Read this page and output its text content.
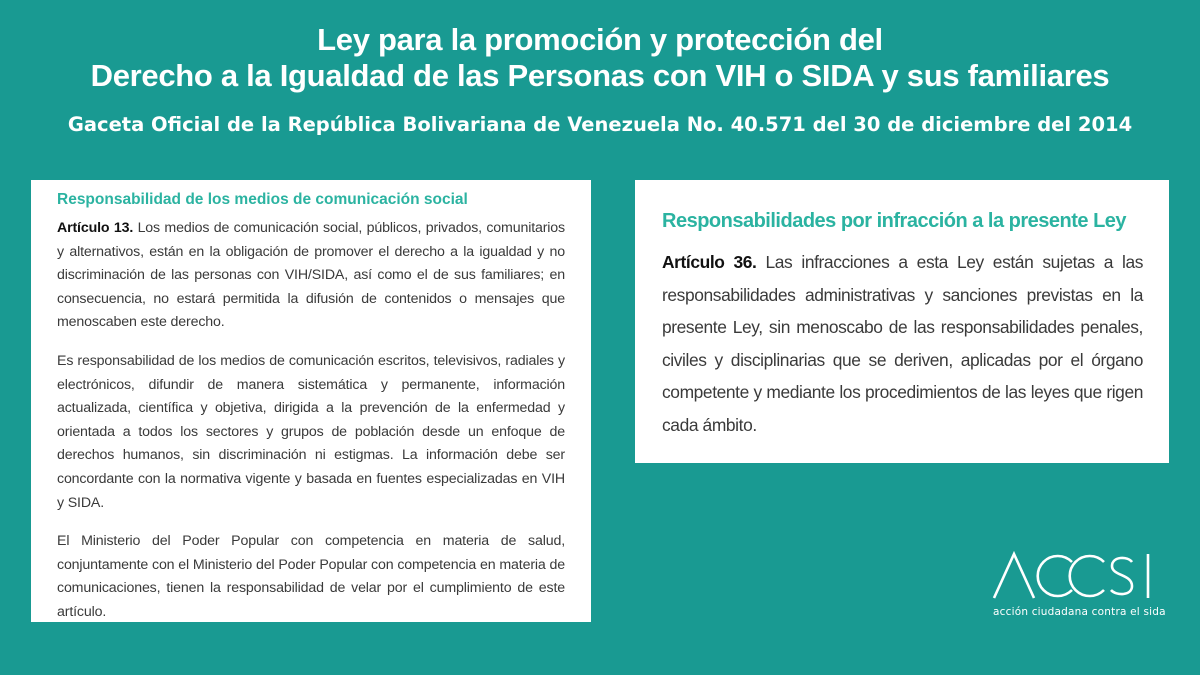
Ley para la promoción y protección del
Derecho a la Igualdad de las Personas con VIH o SIDA y sus familiares
Gaceta Oficial de la República Bolivariana de Venezuela No. 40.571 del 30 de diciembre del 2014
Responsabilidad de los medios de comunicación social

Artículo 13. Los medios de comunicación social, públicos, privados, comunitarios y alternativos, están en la obligación de promover el derecho a la igualdad y no discriminación de las personas con VIH/SIDA, así como el de sus familiares; en consecuencia, no estará permitida la difusión de contenidos o mensajes que menoscaben este derecho.

Es responsabilidad de los medios de comunicación escritos, televisivos, radiales y electrónicos, difundir de manera sistemática y permanente, información actualizada, científica y objetiva, dirigida a la prevención de la enfermedad y orientada a todos los sectores y grupos de población desde un enfoque de derechos humanos, sin discriminación ni estigmas. La información debe ser concordante con la normativa vigente y basada en fuentes especializadas en VIH y SIDA.

El Ministerio del Poder Popular con competencia en materia de salud, conjuntamente con el Ministerio del Poder Popular con competencia en materia de comunicaciones, tienen la responsabilidad de velar por el cumplimiento de este artículo.

Responsabilidades por infracción a la presente Ley

Artículo 36. Las infracciones a esta Ley están sujetas a las responsabilidades administrativas y sanciones previstas en la presente Ley, sin menoscabo de las responsabilidades penales, civiles y disciplinarias que se deriven, aplicadas por el órgano competente y mediante los procedimientos de las leyes que rigen cada ámbito.

acción ciudadana contra el sida
